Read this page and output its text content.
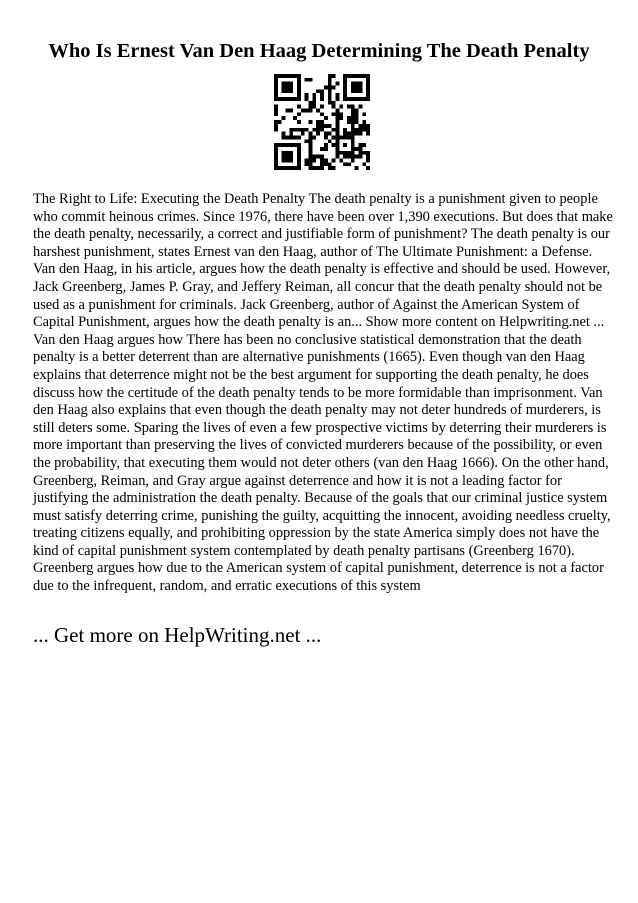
Who Is Ernest Van Den Haag Determining The Death Penalty

The Right to Life: Executing the Death Penalty The death penalty is a punishment given to people who commit heinous crimes. Since 1976, there have been over 1,390 executions. But does that make the death penalty, necessarily, a correct and justifiable form of punishment? The death penalty is our harshest punishment, states Ernest van den Haag, author of The Ultimate Punishment: a Defense. Van den Haag, in his article, argues how the death penalty is effective and should be used. However, Jack Greenberg, James P. Gray, and Jeffery Reiman, all concur that the death penalty should not be used as a punishment for criminals. Jack Greenberg, author of Against the American System of Capital Punishment, argues how the death penalty is an... Show more content on Helpwriting.net ...

Van den Haag argues how There has been no conclusive statistical demonstration that the death penalty is a better deterrent than are alternative punishments (1665). Even though van den Haag explains that deterrence might not be the best argument for supporting the death penalty, he does discuss how the certitude of the death penalty tends to be more formidable than imprisonment. Van den Haag also explains that even though the death penalty may not deter hundreds of murderers, is still deters some. Sparing the lives of even a few prospective victims by deterring their murderers is more important than preserving the lives of convicted murderers because of the possibility, or even the probability, that executing them would not deter others (van den Haag 1666). On the other hand, Greenberg, Reiman, and Gray argue against deterrence and how it is not a leading factor for justifying the administration the death penalty. Because of the goals that our criminal justice system must satisfy deterring crime, punishing the guilty, acquitting the innocent, avoiding needless cruelty, treating citizens equally, and prohibiting oppression by the state America simply does not have the kind of capital punishment system contemplated by death penalty partisans (Greenberg 1670). Greenberg argues how due to the American system of capital punishment, deterrence is not a factor due to the infrequent, random, and erratic executions of this system

... Get more on HelpWriting.net ...
